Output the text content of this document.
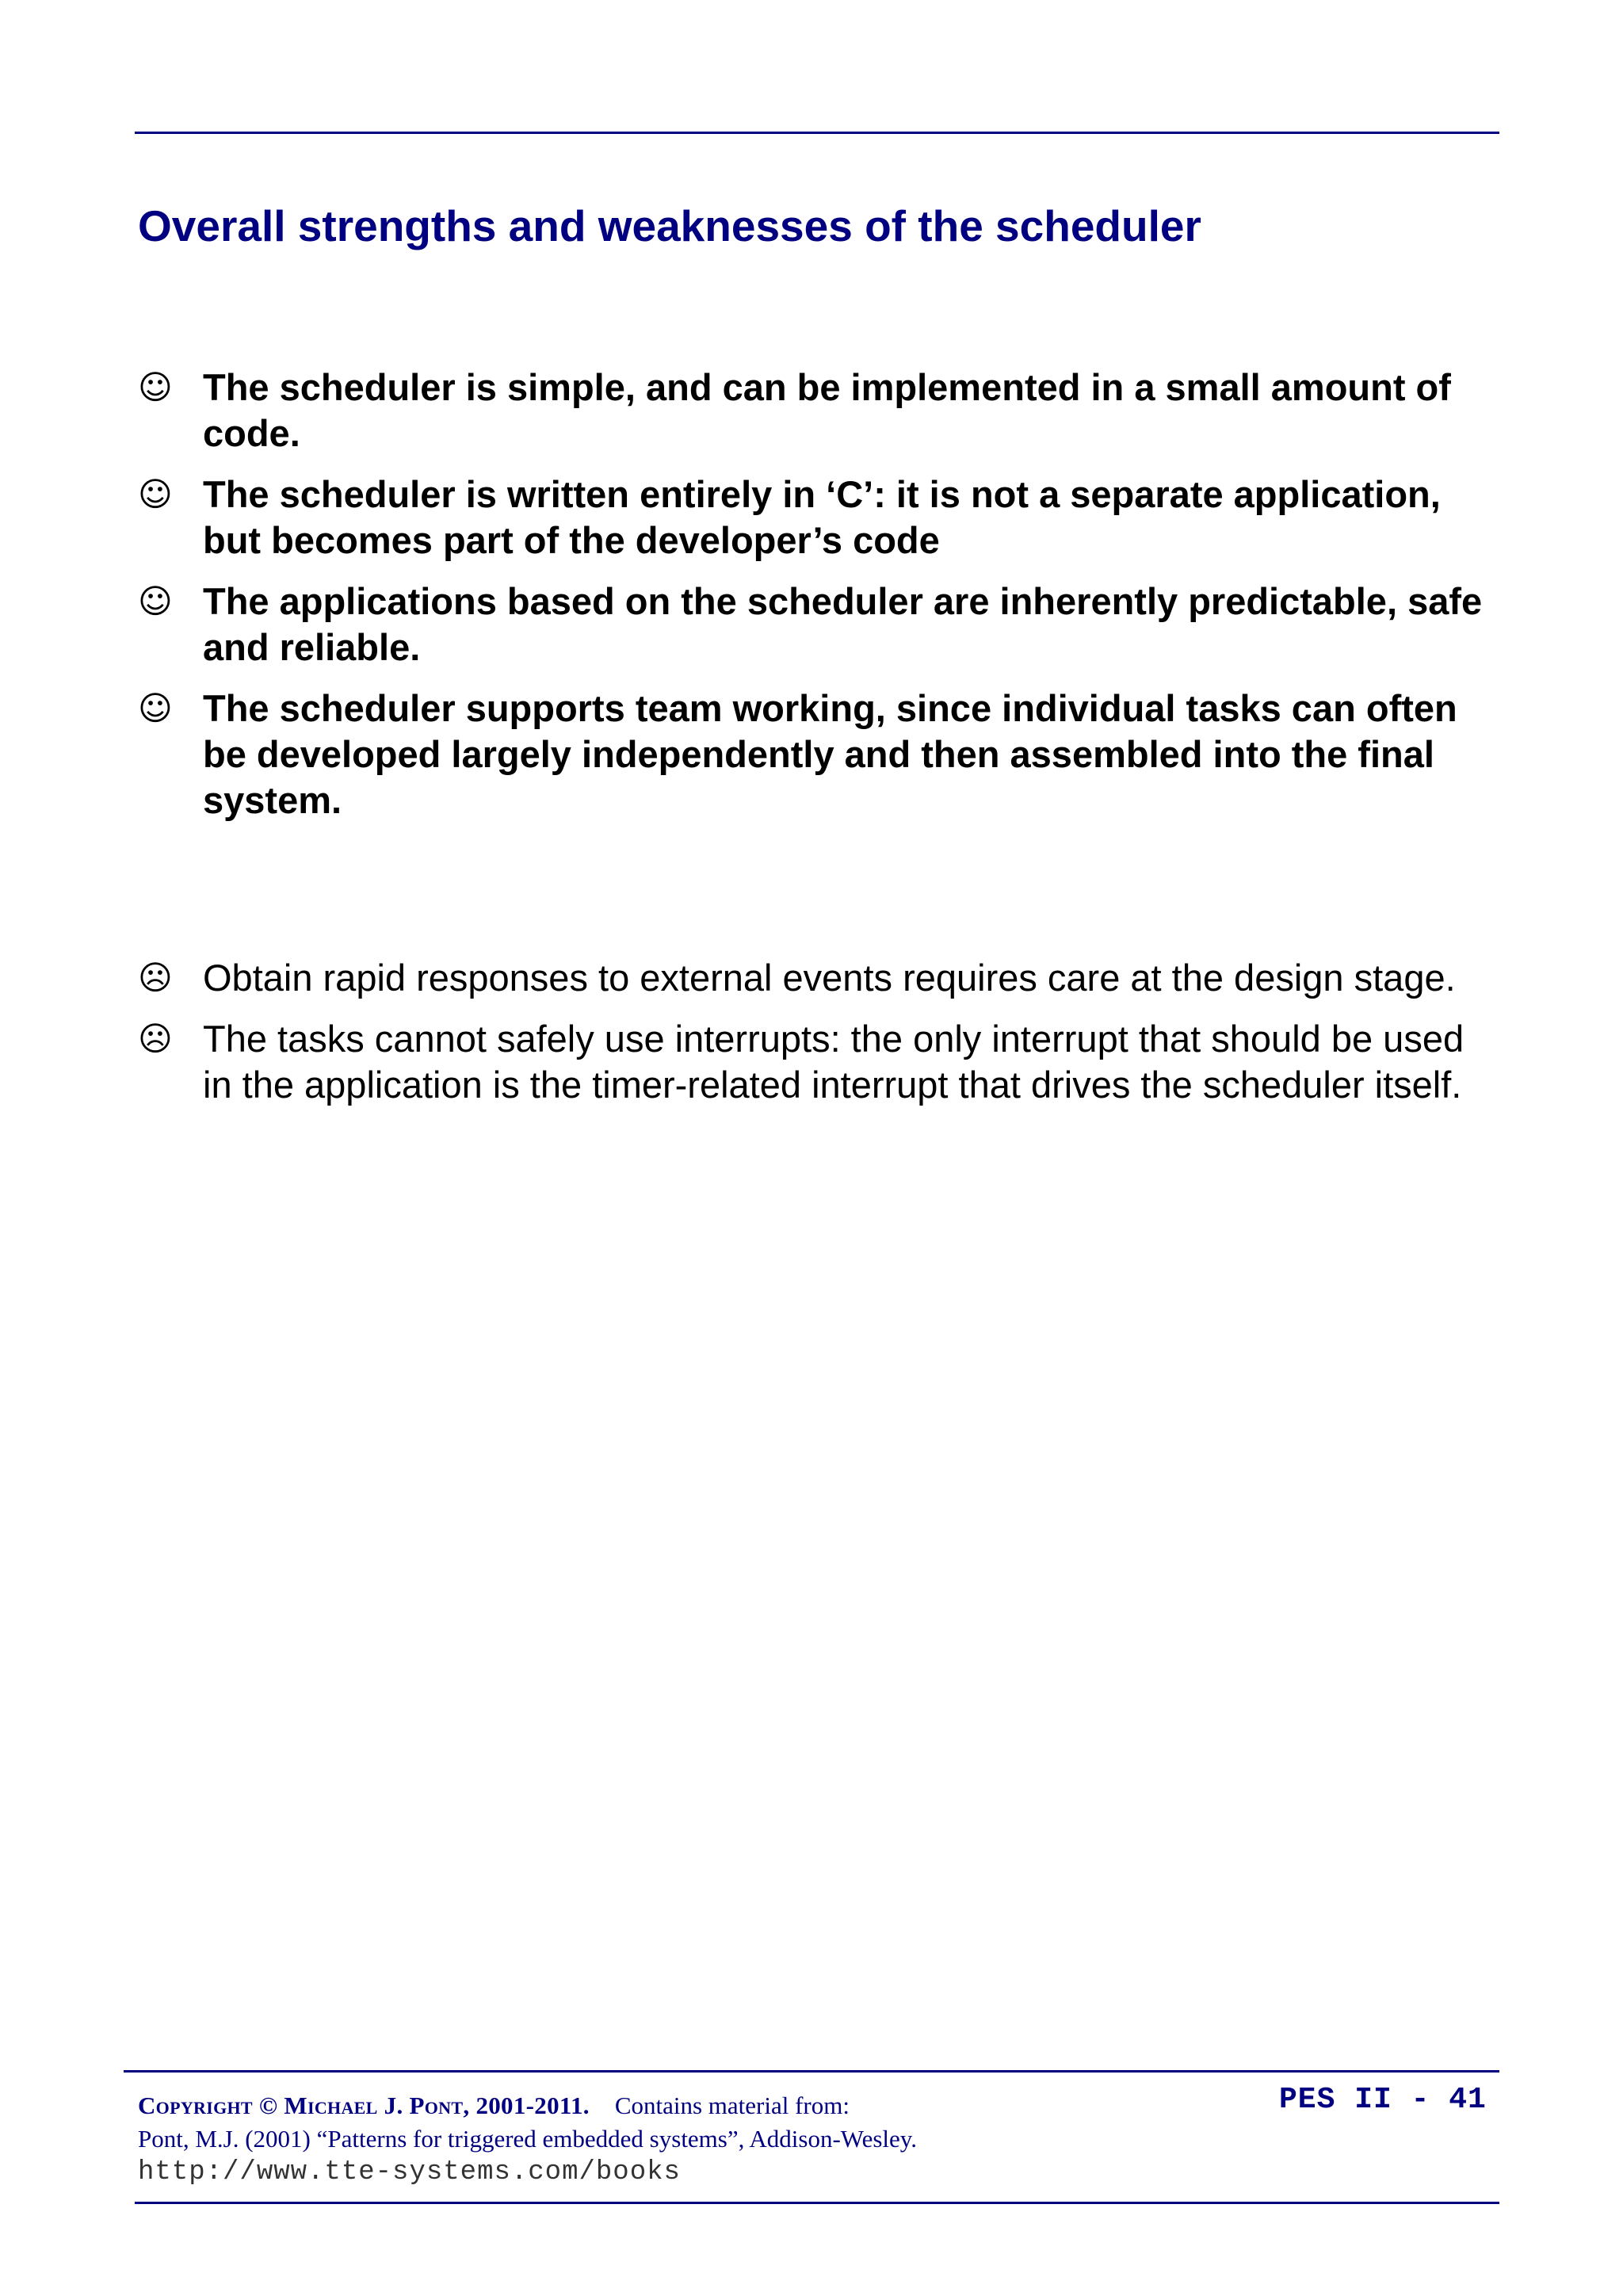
Overall strengths and weaknesses of the scheduler
☺ The scheduler is simple, and can be implemented in a small amount of code.
☺ The scheduler is written entirely in ‘C’: it is not a separate application, but becomes part of the developer’s code
☺ The applications based on the scheduler are inherently predictable, safe and reliable.
☺ The scheduler supports team working, since individual tasks can often be developed largely independently and then assembled into the final system.
☹ Obtain rapid responses to external events requires care at the design stage.
☹ The tasks cannot safely use interrupts: the only interrupt that should be used in the application is the timer-related interrupt that drives the scheduler itself.
Copyright © Michael J. Pont, 2001-2011. Contains material from:
Pont, M.J. (2001) “Patterns for triggered embedded systems”, Addison-Wesley.
http://www.tte-systems.com/books
PES II - 41
